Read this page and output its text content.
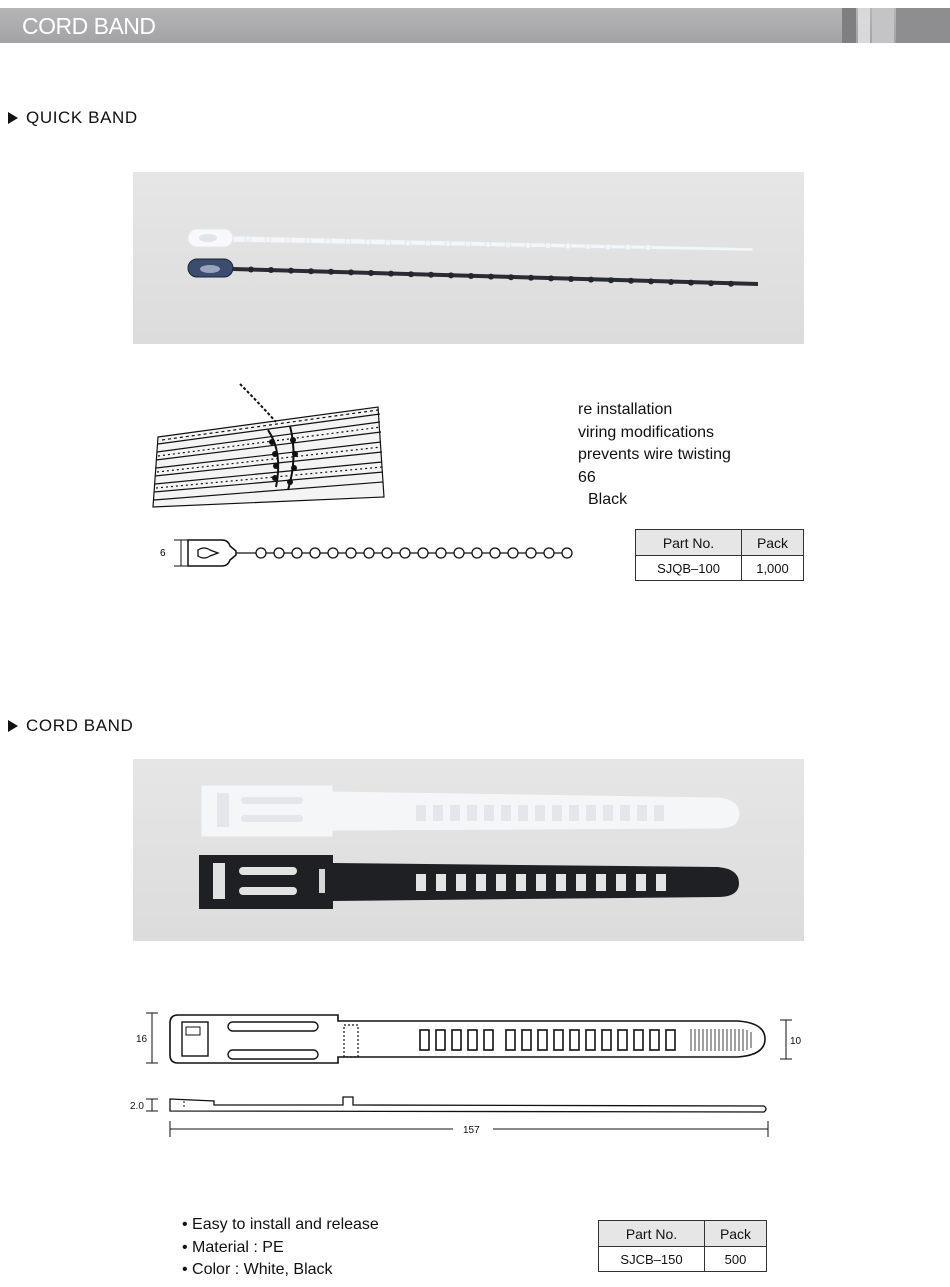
CORD BAND
QUICK BAND
re installation
viring modifications
prevents wire twisting
66
Black
6
Part No.	Pack
SJQB–100	1,000
CORD BAND
16	10
2.0
157
• Easy to install and release
• Material : PE
• Color : White, Black
Part No.	Pack
SJCB–150	500
